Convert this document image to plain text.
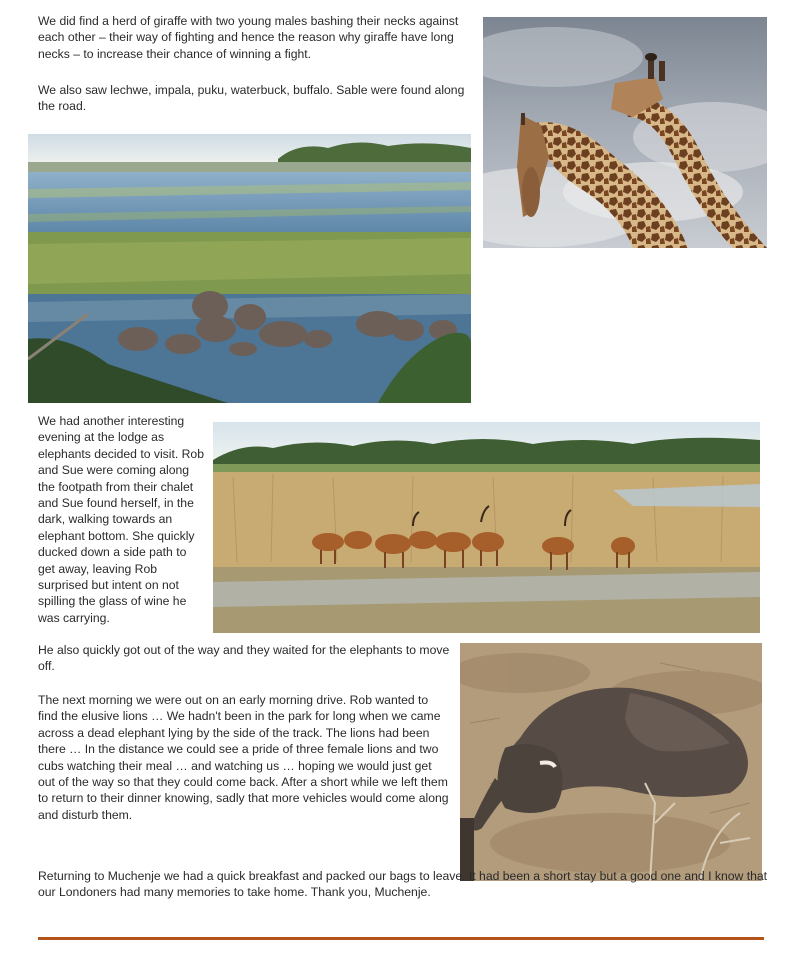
We did find a herd of giraffe with two young males bashing their necks against each other – their way of fighting and hence the reason why giraffe have long necks – to increase their chance of winning a fight.

We also saw lechwe, impala, puku, waterbuck, buffalo. Sable were found along the road.

We had another interesting evening at the lodge as elephants decided to visit. Rob and Sue were coming along the footpath from their chalet and Sue found herself, in the dark, walking towards an elephant bottom. She quickly ducked down a side path to get away, leaving Rob surprised but intent on not spilling the glass of wine he was carrying.

He also quickly got out of the way and they waited for the elephants to move off.

The next morning we were out on an early morning drive. Rob wanted to find the elusive lions … We hadn't been in the park for long when we came across a dead elephant lying by the side of the track. The lions had been there … In the distance we could see a pride of three female lions and two cubs watching their meal … and watching us … hoping we would just get out of the way so that they could come back. After a short while we left them to return to their dinner knowing, sadly that more vehicles would come along and disturb them.

Returning to Muchenje we had a quick breakfast and packed our bags to leave. It had been a short stay but a good one and I know that our Londoners had many memories to take home. Thank you, Muchenje.
